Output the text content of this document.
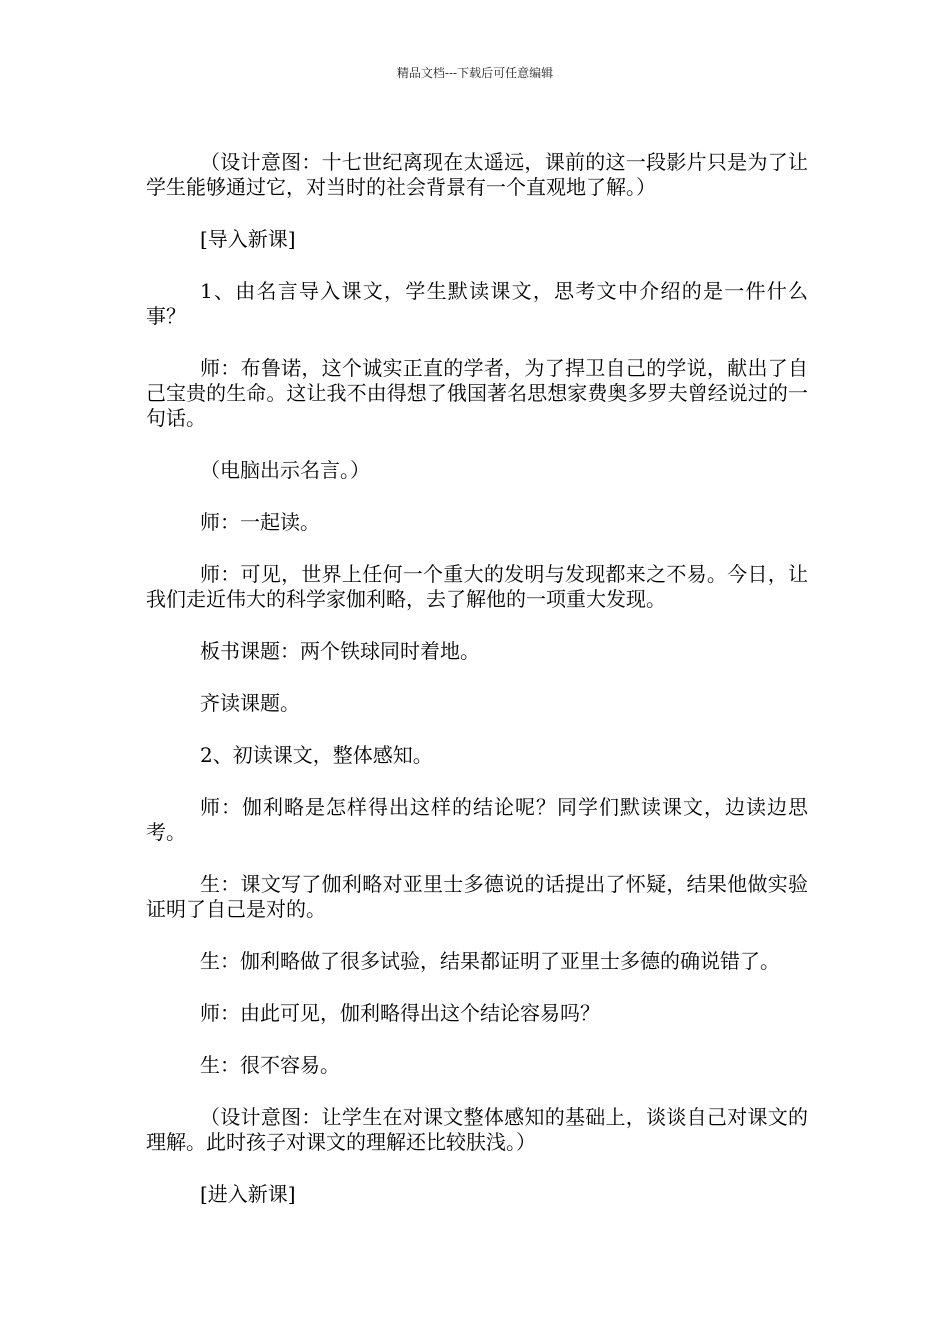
精品文档---下载后可任意编辑

（设计意图：十七世纪离现在太遥远，课前的这一段影片只是为了让学生能够通过它，对当时的社会背景有一个直观地了解。）

[导入新课]

1、由名言导入课文，学生默读课文，思考文中介绍的是一件什么事？

师：布鲁诺，这个诚实正直的学者，为了捍卫自己的学说，献出了自己宝贵的生命。这让我不由得想了俄国著名思想家费奥多罗夫曾经说过的一句话。

（电脑出示名言。）

师：一起读。

师：可见，世界上任何一个重大的发明与发现都来之不易。今日，让我们走近伟大的科学家伽利略，去了解他的一项重大发现。

板书课题：两个铁球同时着地。

齐读课题。

2、初读课文，整体感知。

师：伽利略是怎样得出这样的结论呢？同学们默读课文，边读边思考。

生：课文写了伽利略对亚里士多德说的话提出了怀疑，结果他做实验证明了自己是对的。

生：伽利略做了很多试验，结果都证明了亚里士多德的确说错了。

师：由此可见，伽利略得出这个结论容易吗？

生：很不容易。

（设计意图：让学生在对课文整体感知的基础上，谈谈自己对课文的理解。此时孩子对课文的理解还比较肤浅。）

[进入新课]
